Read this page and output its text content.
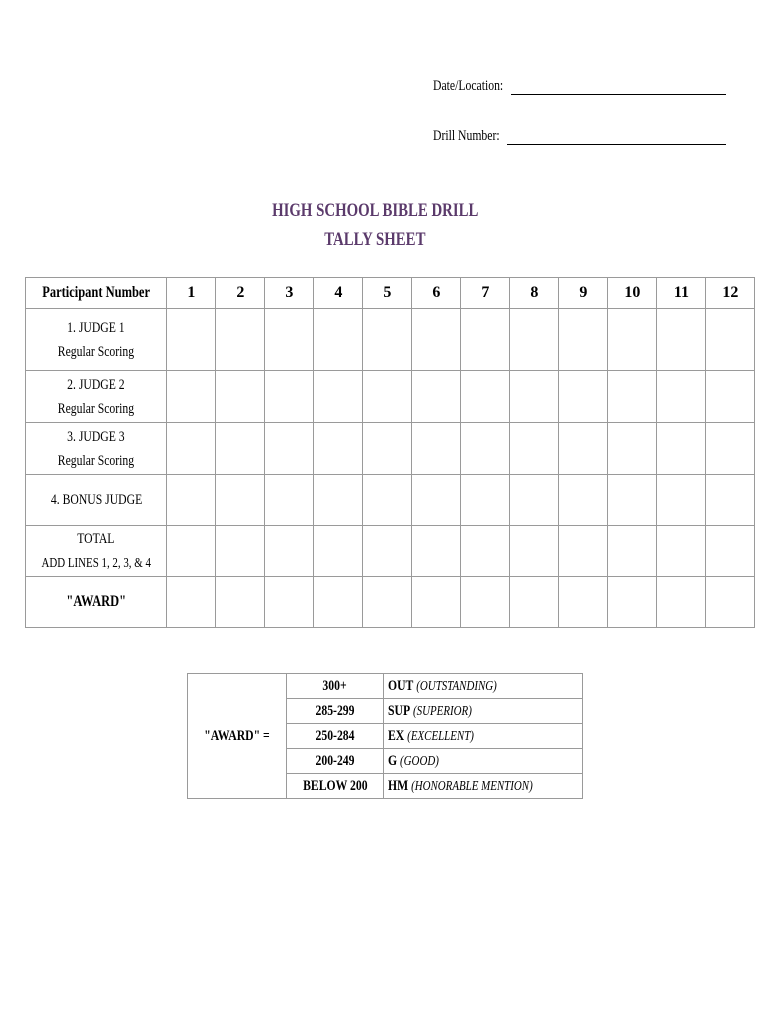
Date/Location:
Drill Number:
HIGH SCHOOL BIBLE DRILL
TALLY SHEET
Participant Number	1	2	3	4	5	6	7	8	9	10	11	12
1. JUDGE 1
Regular Scoring												
2. JUDGE 2
Regular Scoring												
3. JUDGE 3
Regular Scoring												
4. BONUS JUDGE												
TOTAL
ADD LINES 1, 2, 3, & 4												
"AWARD"												
"AWARD" =	300+	OUT (OUTSTANDING)
	285-299	SUP (SUPERIOR)
	250-284	EX (EXCELLENT)
	200-249	G (GOOD)
	BELOW 200	HM (HONORABLE MENTION)
